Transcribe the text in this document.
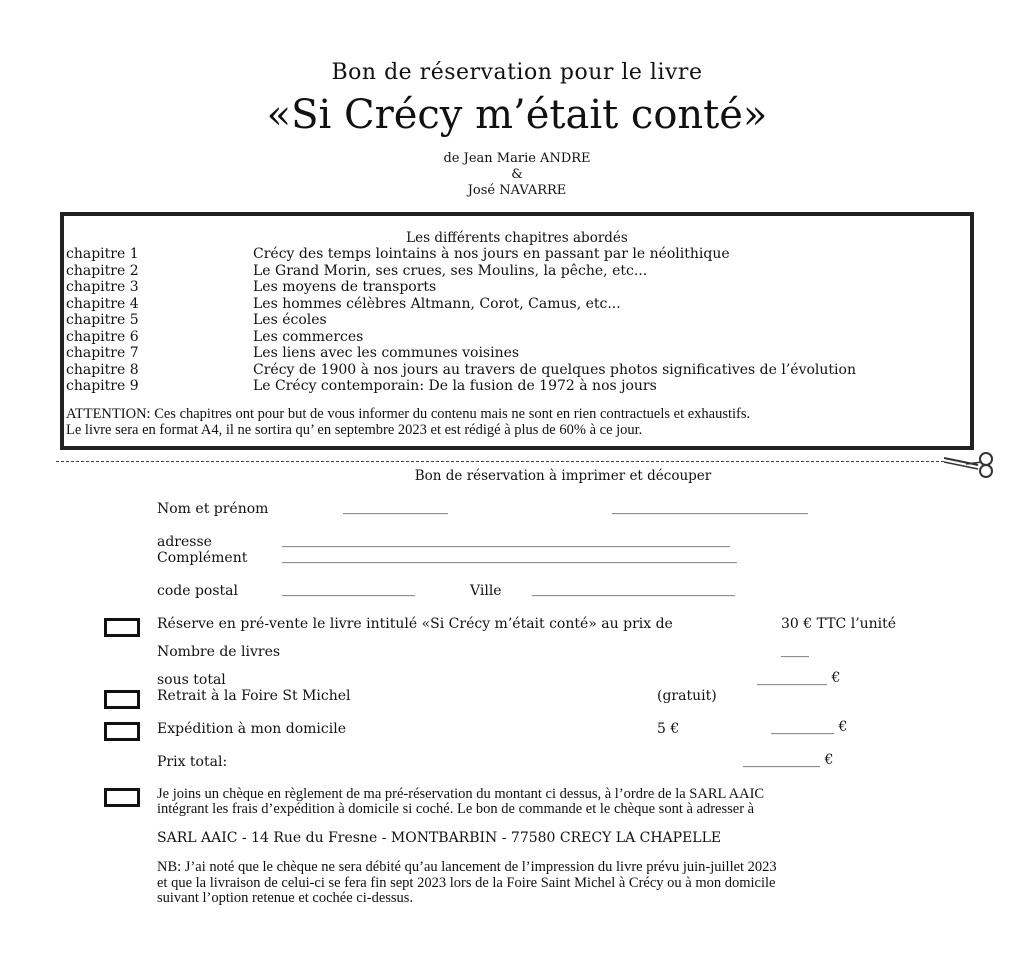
Bon de réservation pour le livre
«Si Crécy m’était conté»
de Jean Marie ANDRE
&
José NAVARRE
Les différents chapitres abordés
chapitre 1	Crécy des temps lointains à nos jours en passant par le néolithique
chapitre 2	Le Grand Morin, ses crues, ses Moulins, la pêche, etc...
chapitre 3	Les moyens de transports
chapitre 4	Les hommes célèbres Altmann, Corot, Camus, etc...
chapitre 5	Les écoles
chapitre 6	Les commerces
chapitre 7	Les liens avec les communes voisines
chapitre 8	Crécy de 1900 à nos jours au travers de quelques photos significatives de l’évolution
chapitre 9	Le Crécy contemporain: De la fusion de 1972 à nos jours
ATTENTION: Ces chapitres ont pour but de vous informer du contenu mais ne sont en rien contractuels et exhaustifs.
Le livre sera en format A4, il ne sortira qu’ en septembre 2023 et est rédigé à plus de 60% à ce jour.
Bon de réservation à imprimer et découper
Nom et prénom	_______________	____________________________
adresse	________________________________________________________________
Complément _________________________________________________________________
code postal	___________________	Ville _____________________________
Réserve en pré-vente le livre intitulé «Si Crécy m’était conté» au prix de	30 € TTC l’unité
Nombre de livres	____
sous total	__________ €
Retrait à la Foire St Michel	(gratuit)
Expédition à mon domicile	5 €	_________ €
Prix total:	___________ €
Je joins un chèque en règlement de ma pré-réservation du montant ci dessus, à l’ordre de la SARL AAIC
intégrant les frais d’expédition à domicile si coché. Le bon de commande et le chèque sont à adresser à
SARL AAIC - 14 Rue du Fresne - MONTBARBIN - 77580 CRECY LA CHAPELLE
NB: J’ai noté que le chèque ne sera débité qu’au lancement de l’impression du livre prévu juin-juillet 2023
et que la livraison de celui-ci se fera fin sept 2023 lors de la Foire Saint Michel à Crécy ou à mon domicile
suivant l’option retenue et cochée ci-dessus.
